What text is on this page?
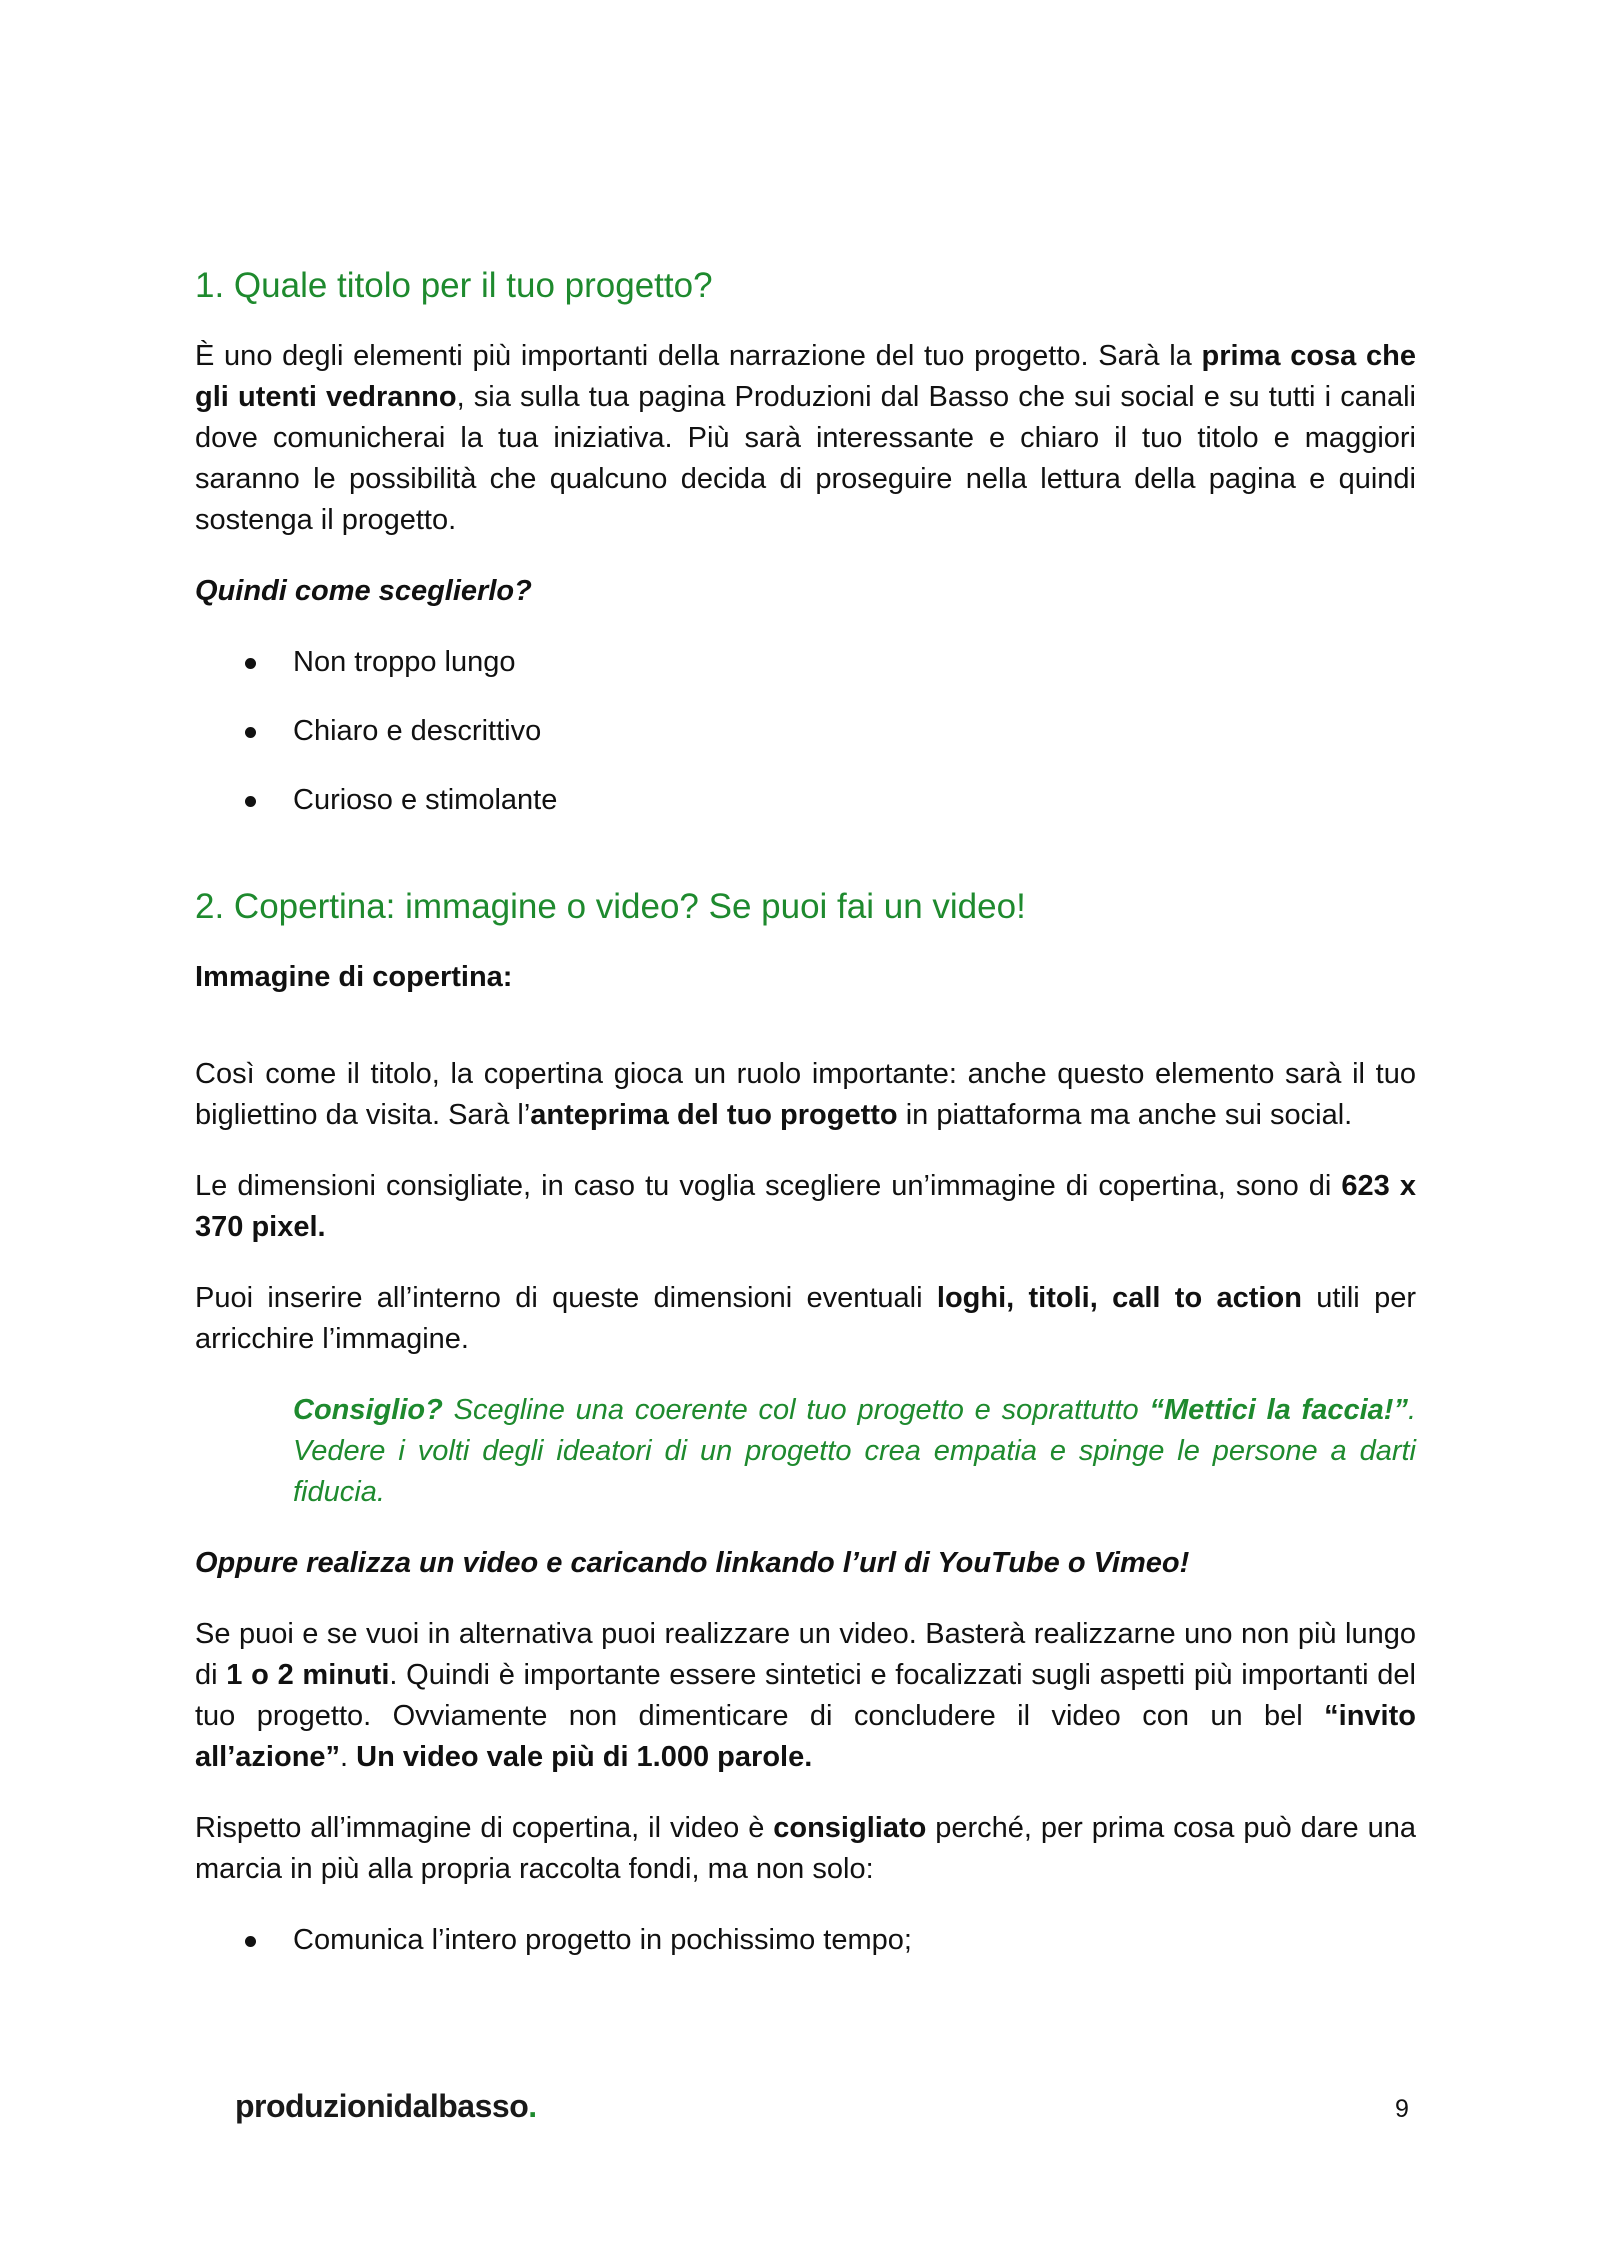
1. Quale titolo per il tuo progetto?

È uno degli elementi più importanti della narrazione del tuo progetto. Sarà la prima cosa che gli utenti vedranno, sia sulla tua pagina Produzioni dal Basso che sui social e su tutti i canali dove comunicherai la tua iniziativa. Più sarà interessante e chiaro il tuo titolo e maggiori saranno le possibilità che qualcuno decida di proseguire nella lettura della pagina e quindi sostenga il progetto.

Quindi come sceglierlo?

Non troppo lungo
Chiaro e descrittivo
Curioso e stimolante
2. Copertina: immagine o video? Se puoi fai un video!

Immagine di copertina:

Così come il titolo, la copertina gioca un ruolo importante: anche questo elemento sarà il tuo bigliettino da visita. Sarà l’anteprima del tuo progetto in piattaforma ma anche sui social.

Le dimensioni consigliate, in caso tu voglia scegliere un’immagine di copertina, sono di 623 x 370 pixel.

Puoi inserire all’interno di queste dimensioni eventuali loghi, titoli, call to action utili per arricchire l’immagine.

Consiglio? Sceglinе una coerente col tuo progetto e soprattutto “Mettici la faccia!”. Vedere i volti degli ideatori di un progetto crea empatia e spinge le persone a darti fiducia.

Oppure realizza un video e caricando linkando l’url di YouTube o Vimeo!

Se puoi e se vuoi in alternativa puoi realizzare un video. Basterà realizzarne uno non più lungo di 1 o 2 minuti. Quindi è importante essere sintetici e focalizzati sugli aspetti più importanti del tuo progetto. Ovviamente non dimenticare di concludere il video con un bel “invito all’azione”. Un video vale più di 1.000 parole.

Rispetto all’immagine di copertina, il video è consigliato perché, per prima cosa può dare una marcia in più alla propria raccolta fondi, ma non solo:

Comunica l’intero progetto in pochissimo tempo;
produzionidalbasso.	9
